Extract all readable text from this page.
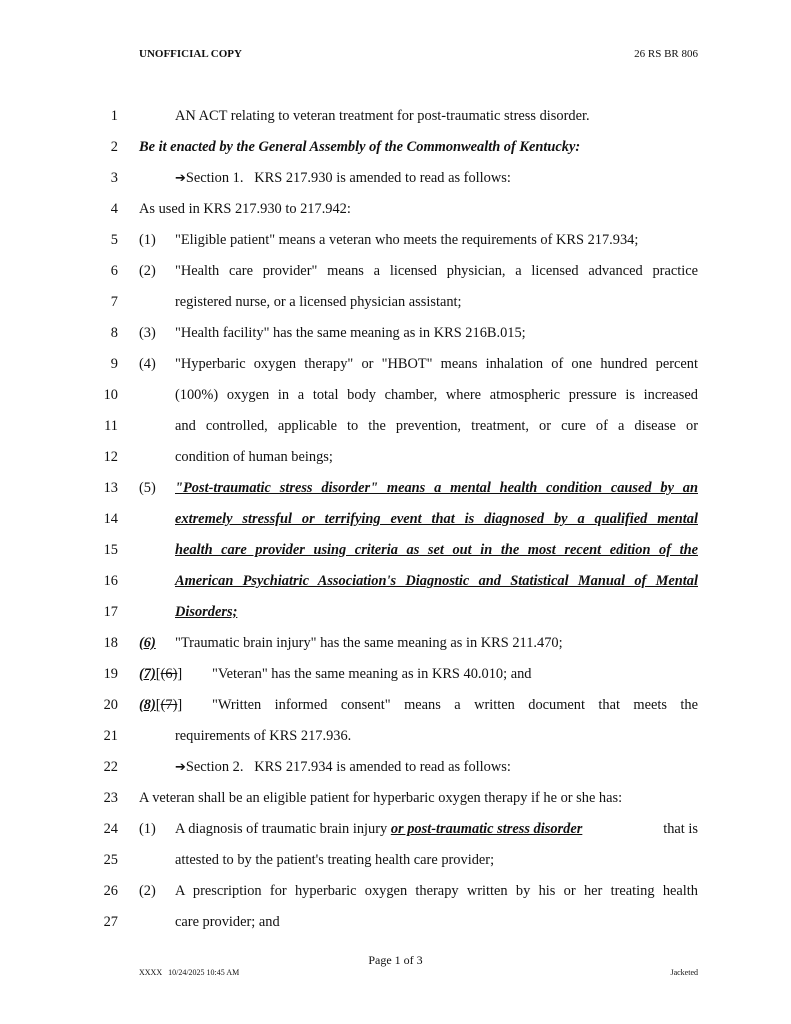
UNOFFICIAL COPY	26 RS BR 806
1	AN ACT relating to veteran treatment for post-traumatic stress disorder.
2 Be it enacted by the General Assembly of the Commonwealth of Kentucky:
3	➔Section 1.   KRS 217.930 is amended to read as follows:
4 As used in KRS 217.930 to 217.942:
5 (1) "Eligible patient" means a veteran who meets the requirements of KRS 217.934;
6 (2) "Health care provider" means a licensed physician, a licensed advanced practice
7	registered nurse, or a licensed physician assistant;
8 (3) "Health facility" has the same meaning as in KRS 216B.015;
9 (4) "Hyperbaric oxygen therapy" or "HBOT" means inhalation of one hundred percent
10	(100%) oxygen in a total body chamber, where atmospheric pressure is increased
11	and controlled, applicable to the prevention, treatment, or cure of a disease or
12	condition of human beings;
13 (5) "Post-traumatic stress disorder" means a mental health condition caused by an
14	extremely stressful or terrifying event that is diagnosed by a qualified mental
15	health care provider using criteria as set out in the most recent edition of the
16	American Psychiatric Association's Diagnostic and Statistical Manual of Mental
17	Disorders;
18 (6) "Traumatic brain injury" has the same meaning as in KRS 211.470;
19 (7)[(6)] "Veteran" has the same meaning as in KRS 40.010; and
20 (8)[(7)] "Written informed consent" means a written document that meets the
21	requirements of KRS 217.936.
22	➔Section 2.   KRS 217.934 is amended to read as follows:
23 A veteran shall be an eligible patient for hyperbaric oxygen therapy if he or she has:
24 (1) A diagnosis of traumatic brain injury or post-traumatic stress disorder	that is
25	attested to by the patient's treating health care provider;
26 (2) A prescription for hyperbaric oxygen therapy written by his or her treating health
27	care provider; and
Page 1 of 3
XXXX   10/24/2025 10:45 AM	Jacketed
